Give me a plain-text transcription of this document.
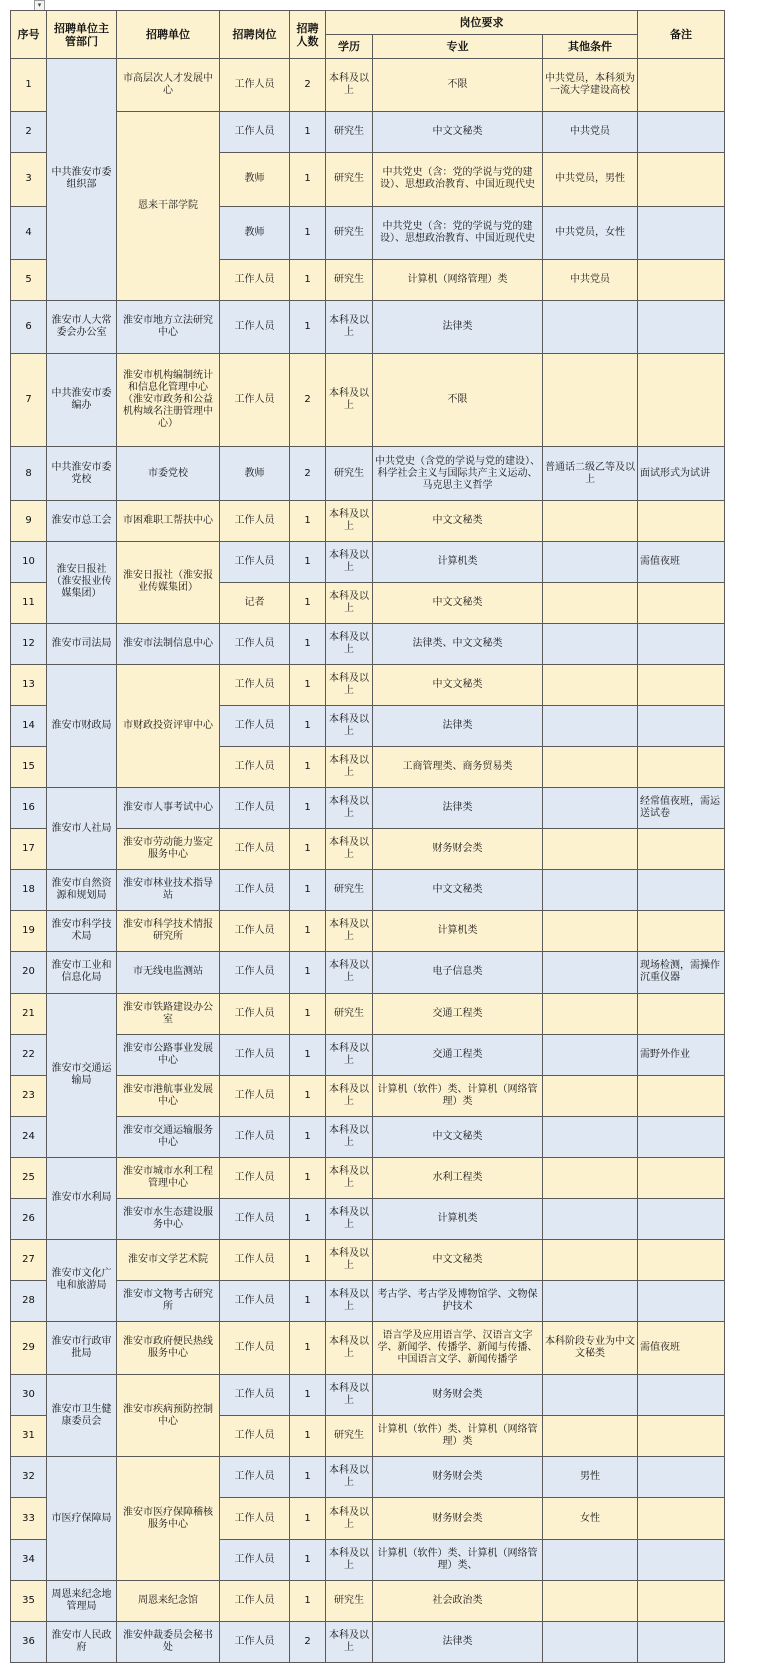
▾
序号	招聘单位主管部门	招聘单位	招聘岗位	招聘人数	岗位要求			备注
					学历	专业	其他条件	
1	中共淮安市委组织部	市高层次人才发展中心	工作人员	2	本科及以上	不限	中共党员，本科须为一流大学建设高校	
2		恩来干部学院	工作人员	1	研究生	中文文秘类	中共党员	
3			教师	1	研究生	中共党史（含：党的学说与党的建设）、思想政治教育、中国近现代史	中共党员，男性	
4			教师	1	研究生	中共党史（含：党的学说与党的建设）、思想政治教育、中国近现代史	中共党员，女性	
5			工作人员	1	研究生	计算机（网络管理）类	中共党员	
6	淮安市人大常委会办公室	淮安市地方立法研究中心	工作人员	1	本科及以上	法律类		
7	中共淮安市委编办	淮安市机构编制统计和信息化管理中心（淮安市政务和公益机构域名注册管理中心）	工作人员	2	本科及以上	不限		
8	中共淮安市委党校	市委党校	教师	2	研究生	中共党史（含党的学说与党的建设）、科学社会主义与国际共产主义运动、马克思主义哲学	普通话二级乙等及以上	面试形式为试讲
9	淮安市总工会	市困难职工帮扶中心	工作人员	1	本科及以上	中文文秘类		
10	淮安日报社（淮安报业传媒集团）	淮安日报社（淮安报业传媒集团）	工作人员	1	本科及以上	计算机类		需值夜班
11			记者	1	本科及以上	中文文秘类		
12	淮安市司法局	淮安市法制信息中心	工作人员	1	本科及以上	法律类、中文文秘类		
13	淮安市财政局	市财政投资评审中心	工作人员	1	本科及以上	中文文秘类		
14			工作人员	1	本科及以上	法律类		
15			工作人员	1	本科及以上	工商管理类、商务贸易类		
16	淮安市人社局	淮安市人事考试中心	工作人员	1	本科及以上	法律类		经常值夜班，需运送试卷
17		淮安市劳动能力鉴定服务中心	工作人员	1	本科及以上	财务财会类		
18	淮安市自然资源和规划局	淮安市林业技术指导站	工作人员	1	研究生	中文文秘类		
19	淮安市科学技术局	淮安市科学技术情报研究所	工作人员	1	本科及以上	计算机类		
20	淮安市工业和信息化局	市无线电监测站	工作人员	1	本科及以上	电子信息类		现场检测，需操作沉重仪器
21	淮安市交通运输局	淮安市铁路建设办公室	工作人员	1	研究生	交通工程类		
22		淮安市公路事业发展中心	工作人员	1	本科及以上	交通工程类		需野外作业
23		淮安市港航事业发展中心	工作人员	1	本科及以上	计算机（软件）类、计算机（网络管理）类		
24		淮安市交通运输服务中心	工作人员	1	本科及以上	中文文秘类		
25	淮安市水利局	淮安市城市水利工程管理中心	工作人员	1	本科及以上	水利工程类		
26		淮安市水生态建设服务中心	工作人员	1	本科及以上	计算机类		
27	淮安市文化广电和旅游局	淮安市文学艺术院	工作人员	1	本科及以上	中文文秘类		
28		淮安市文物考古研究所	工作人员	1	本科及以上	考古学、考古学及博物馆学、文物保护技术		
29	淮安市行政审批局	淮安市政府便民热线服务中心	工作人员	1	本科及以上	语言学及应用语言学、汉语言文字学、新闻学、传播学、新闻与传播、中国语言文学、新闻传播学	本科阶段专业为中文文秘类	需值夜班
30	淮安市卫生健康委员会	淮安市疾病预防控制中心	工作人员	1	本科及以上	财务财会类		
31			工作人员	1	研究生	计算机（软件）类、计算机（网络管理）类		
32	市医疗保障局	淮安市医疗保障稽核服务中心	工作人员	1	本科及以上	财务财会类	男性	
33			工作人员	1	本科及以上	财务财会类	女性	
34			工作人员	1	本科及以上	计算机（软件）类、计算机（网络管理）类、		
35	周恩来纪念地管理局	周恩来纪念馆	工作人员	1	研究生	社会政治类		
36	淮安市人民政府	淮安仲裁委员会秘书处	工作人员	2	本科及以上	法律类		
